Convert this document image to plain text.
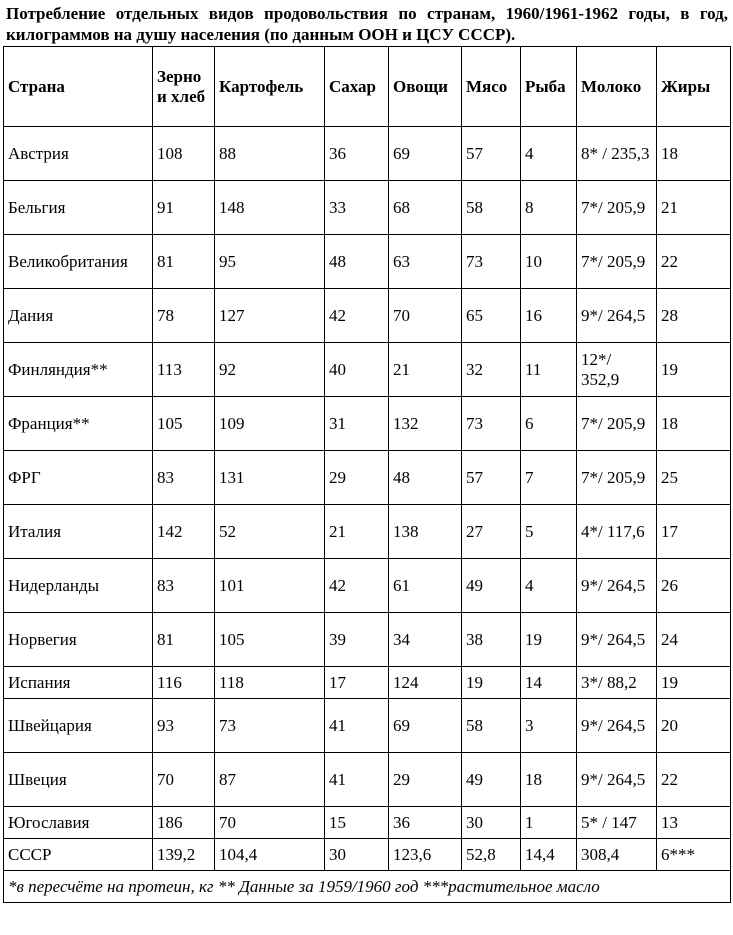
Потребление отдельных видов продовольствия по странам, 1960/1961-1962 годы, в год, килограммов на душу населения (по данным ООН и ЦСУ СССР).
Страна	Зерно и хлеб	Картофель	Сахар	Овощи	Мясо	Рыба	Молоко	Жиры
Австрия	108	88	36	69	57	4	8* / 235,3	18
Бельгия	91	148	33	68	58	8	7*/ 205,9	21
Великобритания	81	95	48	63	73	10	7*/ 205,9	22
Дания	78	127	42	70	65	16	9*/ 264,5	28
Финляндия**	113	92	40	21	32	11	12*/ 352,9	19
Франция**	105	109	31	132	73	6	7*/ 205,9	18
ФРГ	83	131	29	48	57	7	7*/ 205,9	25
Италия	142	52	21	138	27	5	4*/ 117,6	17
Нидерланды	83	101	42	61	49	4	9*/ 264,5	26
Норвегия	81	105	39	34	38	19	9*/ 264,5	24
Испания	116	118	17	124	19	14	3*/ 88,2	19
Швейцария	93	73	41	69	58	3	9*/ 264,5	20
Швеция	70	87	41	29	49	18	9*/ 264,5	22
Югославия	186	70	15	36	30	1	5* / 147	13
СССР	139,2	104,4	30	123,6	52,8	14,4	308,4	6***
*в пересчёте на протеин, кг ** Данные за 1959/1960 год ***растительное масло								
